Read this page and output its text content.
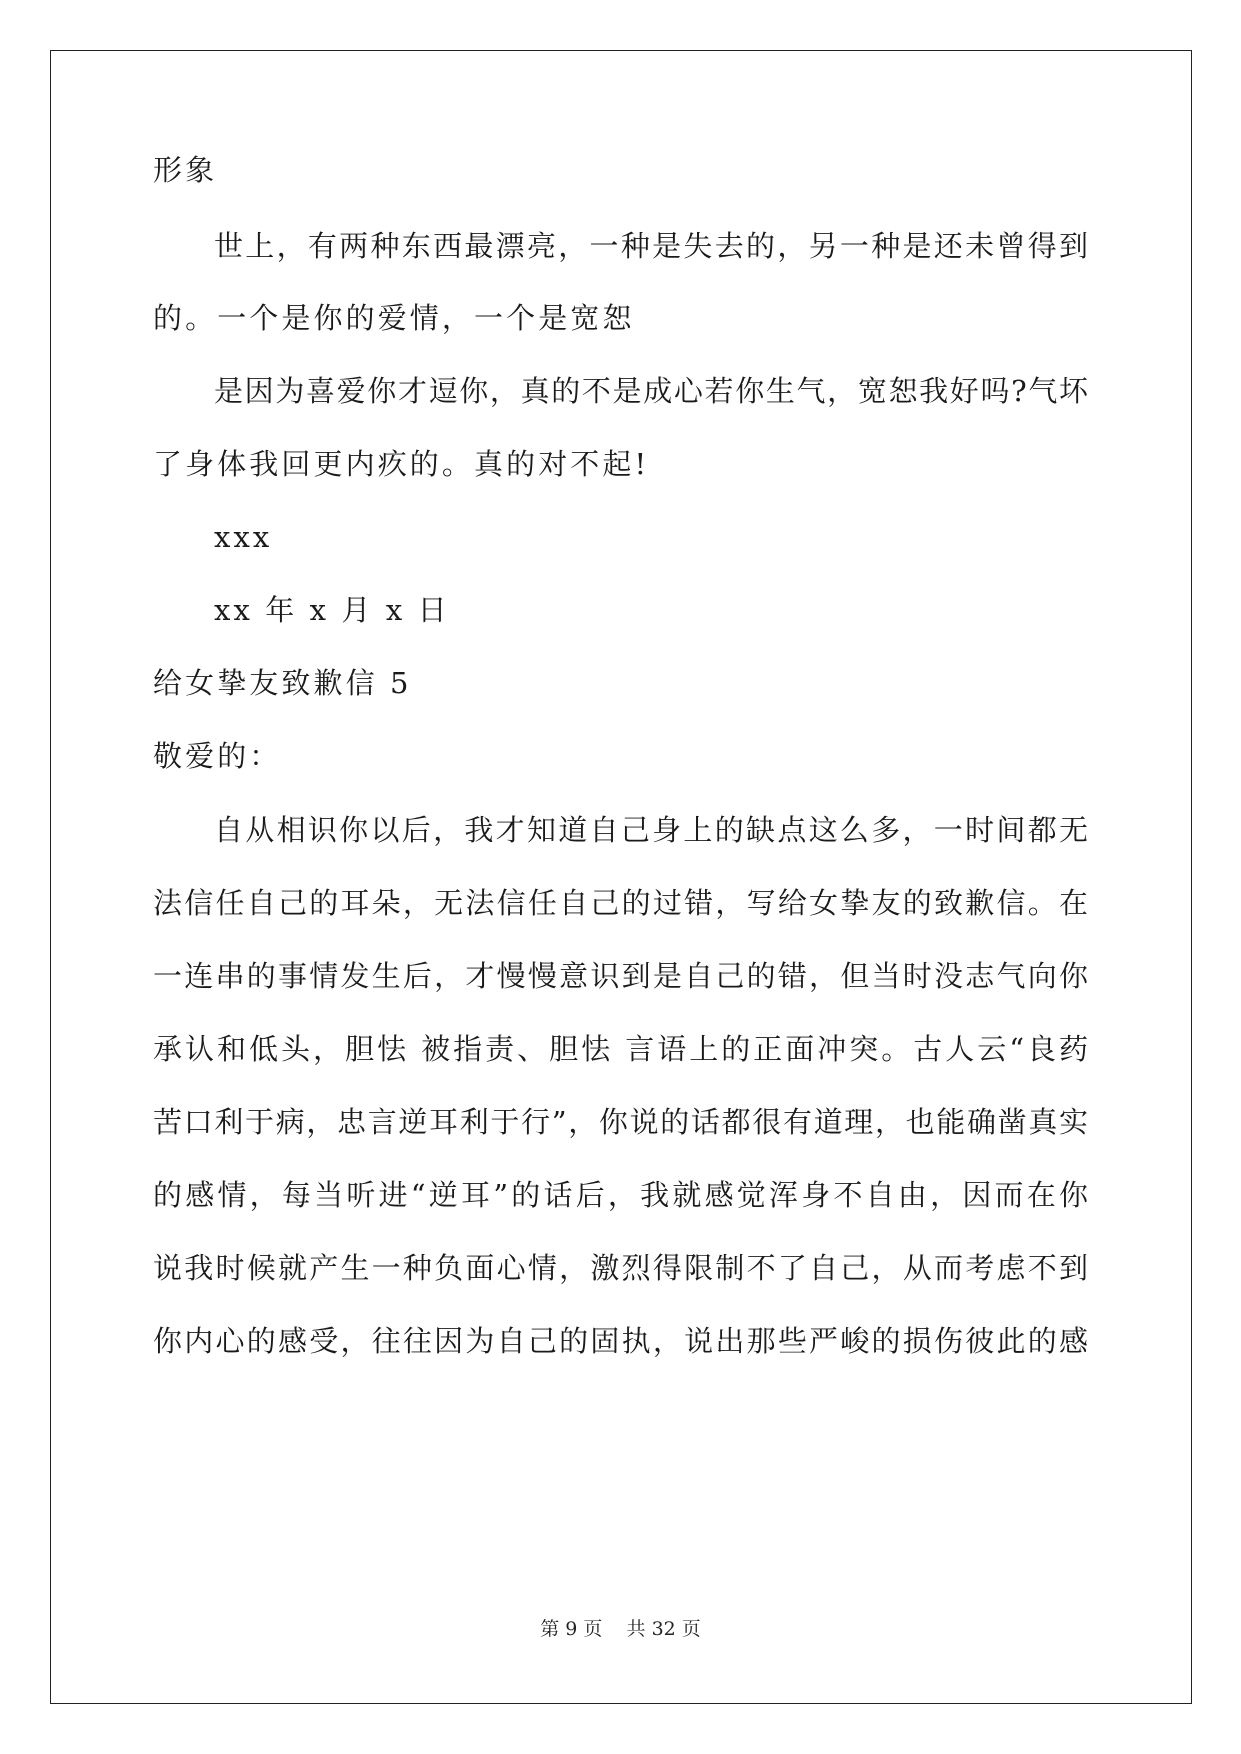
形象
世上，有两种东西最漂亮，一种是失去的，另一种是还未曾得到
的。一个是你的爱情，一个是宽恕
是因为喜爱你才逗你，真的不是成心若你生气，宽恕我好吗?气坏
了身体我回更内疚的。真的对不起!
xxx
xx 年 x 月 x 日
给女挚友致歉信 5
敬爱的：
自从相识你以后，我才知道自己身上的缺点这么多，一时间都无
法信任自己的耳朵，无法信任自己的过错，写给女挚友的致歉信。在
一连串的事情发生后，才慢慢意识到是自己的错，但当时没志气向你
承认和低头，胆怯 被指责、胆怯 言语上的正面冲突。古人云“良药
苦口利于病，忠言逆耳利于行”，你说的话都很有道理，也能确凿真实
的感情，每当听进“逆耳”的话后，我就感觉浑身不自由，因而在你
说我时候就产生一种负面心情，激烈得限制不了自己，从而考虑不到
你内心的感受，往往因为自己的固执，说出那些严峻的损伤彼此的感
第 9 页    共 32 页
